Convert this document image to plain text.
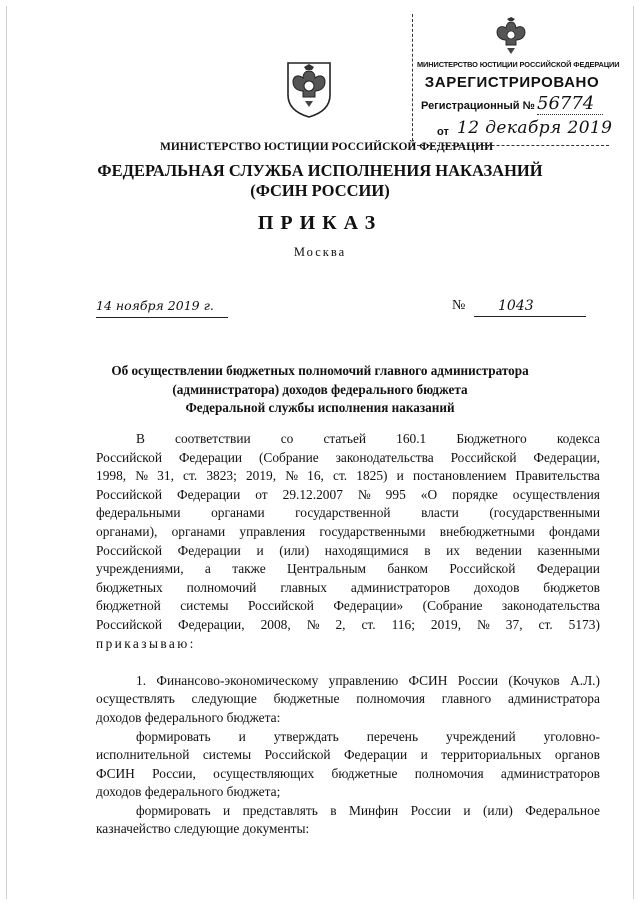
МИНИСТЕРСТВО ЮСТИЦИИ РОССИЙСКОЙ ФЕДЕРАЦИИ
ЗАРЕГИСТРИРОВАНО
Регистрационный № 56774
от 12 декабря 2019
МИНИСТЕРСТВО ЮСТИЦИИ РОССИЙСКОЙ ФЕДЕРАЦИИ
ФЕДЕРАЛЬНАЯ СЛУЖБА ИСПОЛНЕНИЯ НАКАЗАНИЙ
(ФСИН РОССИИ)
ПРИКАЗ
Москва
14 ноября 2019 г.	№	1043
Об осуществлении бюджетных полномочий главного администратора
(администратора) доходов федерального бюджета
Федеральной службы исполнения наказаний
В соответствии со статьей 160.1 Бюджетного кодекса
Российской Федерации (Собрание законодательства Российской Федерации,
1998, № 31, ст. 3823; 2019, № 16, ст. 1825) и постановлением Правительства
Российской Федерации от 29.12.2007 № 995 «О порядке осуществления
федеральными органами государственной власти (государственными
органами), органами управления государственными внебюджетными фондами
Российской Федерации и (или) находящимися в их ведении казенными
учреждениями, а также Центральным банком Российской Федерации
бюджетных полномочий главных администраторов доходов бюджетов
бюджетной системы Российской Федерации» (Собрание законодательства
Российской Федерации, 2008, № 2, ст. 116; 2019, № 37, ст. 5173)
приказываю:
1. Финансово-экономическому управлению ФСИН России (Кочуков А.Л.)
осуществлять следующие бюджетные полномочия главного администратора
доходов федерального бюджета:
формировать и утверждать перечень учреждений уголовно-
исполнительной системы Российской Федерации и территориальных органов
ФСИН России, осуществляющих бюджетные полномочия администраторов
доходов федерального бюджета;
формировать и представлять в Минфин России и (или) Федеральное
казначейство следующие документы:
